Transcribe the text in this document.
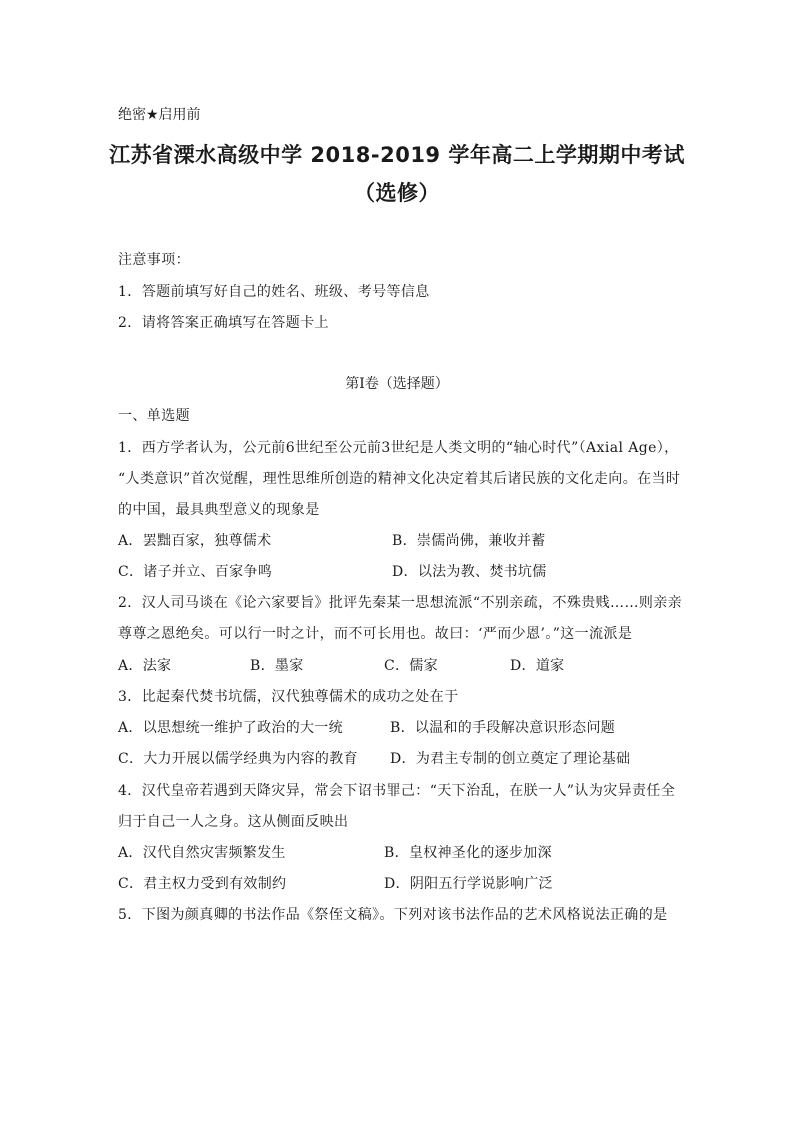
绝密★启用前
江苏省溧水高级中学 2018-2019 学年高二上学期期中考试
（选修）
注意事项：
1．答题前填写好自己的姓名、班级、考号等信息
2．请将答案正确填写在答题卡上
第I卷（选择题）
一、单选题
1．西方学者认为，公元前6世纪至公元前3世纪是人类文明的“轴心时代”（Axial Age），
“人类意识”首次觉醒，理性思维所创造的精神文化决定着其后诸民族的文化走向。在当时
的中国，最具典型意义的现象是
A．罢黜百家，独尊儒术	B．崇儒尚佛，兼收并蓄
C．诸子并立、百家争鸣	D．以法为教、焚书坑儒
2．汉人司马谈在《论六家要旨》批评先秦某一思想流派“不别亲疏，不殊贵贱……则亲亲
尊尊之恩绝矣。可以行一时之计，而不可长用也。故曰：‘严而少恩’。”这一流派是
A．法家	B．墨家	C．儒家	D．道家
3．比起秦代焚书坑儒，汉代独尊儒术的成功之处在于
A．以思想统一维护了政治的大一统	B．以温和的手段解决意识形态问题
C．大力开展以儒学经典为内容的教育 D．为君主专制的创立奠定了理论基础
4．汉代皇帝若遇到天降灾异，常会下诏书罪己：“天下治乱，在朕一人”认为灾异责任全
归于自己一人之身。这从侧面反映出
A．汉代自然灾害频繁发生	B．皇权神圣化的逐步加深
C．君主权力受到有效制约	D．阴阳五行学说影响广泛
5．下图为颜真卿的书法作品《祭侄文稿》。下列对该书法作品的艺术风格说法正确的是
